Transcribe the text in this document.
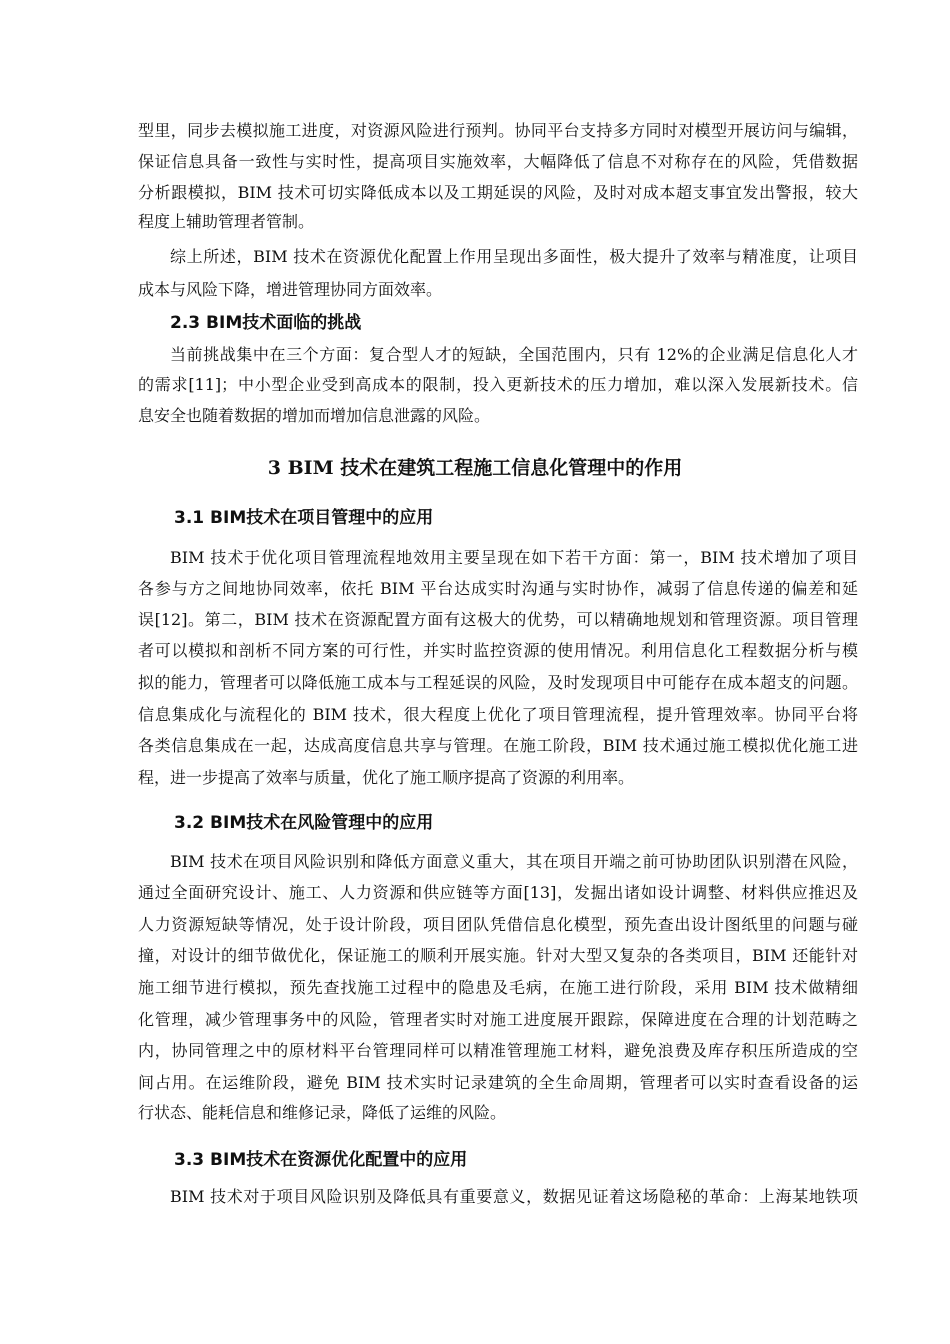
型里，同步去模拟施工进度，对资源风险进行预判。协同平台支持多方同时对模型开展访问与编辑，
保证信息具备一致性与实时性，提高项目实施效率，大幅降低了信息不对称存在的风险，凭借数据
分析跟模拟，BIM 技术可切实降低成本以及工期延误的风险，及时对成本超支事宜发出警报，较大
程度上辅助管理者管制。
综上所述，BIM 技术在资源优化配置上作用呈现出多面性，极大提升了效率与精准度，让项目
成本与风险下降，增进管理协同方面效率。
2.3 BIM技术面临的挑战
当前挑战集中在三个方面：复合型人才的短缺，全国范围内，只有 12%的企业满足信息化人才
的需求[11]；中小型企业受到高成本的限制，投入更新技术的压力增加，难以深入发展新技术。信
息安全也随着数据的增加而增加信息泄露的风险。
3 BIM 技术在建筑工程施工信息化管理中的作用
3.1 BIM技术在项目管理中的应用
BIM 技术于优化项目管理流程地效用主要呈现在如下若干方面：第一，BIM 技术增加了项目
各参与方之间地协同效率，依托 BIM 平台达成实时沟通与实时协作，减弱了信息传递的偏差和延
误[12]。第二，BIM 技术在资源配置方面有这极大的优势，可以精确地规划和管理资源。项目管理
者可以模拟和剖析不同方案的可行性，并实时监控资源的使用情况。利用信息化工程数据分析与模
拟的能力，管理者可以降低施工成本与工程延误的风险，及时发现项目中可能存在成本超支的问题。
信息集成化与流程化的 BIM 技术，很大程度上优化了项目管理流程，提升管理效率。协同平台将
各类信息集成在一起，达成高度信息共享与管理。在施工阶段，BIM 技术通过施工模拟优化施工进
程，进一步提高了效率与质量，优化了施工顺序提高了资源的利用率。
3.2 BIM技术在风险管理中的应用
BIM 技术在项目风险识别和降低方面意义重大，其在项目开端之前可协助团队识别潜在风险，
通过全面研究设计、施工、人力资源和供应链等方面[13]，发掘出诸如设计调整、材料供应推迟及
人力资源短缺等情况，处于设计阶段，项目团队凭借信息化模型，预先查出设计图纸里的问题与碰
撞，对设计的细节做优化，保证施工的顺利开展实施。针对大型又复杂的各类项目，BIM 还能针对
施工细节进行模拟，预先查找施工过程中的隐患及毛病，在施工进行阶段，采用 BIM 技术做精细
化管理，减少管理事务中的风险，管理者实时对施工进度展开跟踪，保障进度在合理的计划范畴之
内，协同管理之中的原材料平台管理同样可以精准管理施工材料，避免浪费及库存积压所造成的空
间占用。在运维阶段，避免 BIM 技术实时记录建筑的全生命周期，管理者可以实时查看设备的运
行状态、能耗信息和维修记录，降低了运维的风险。
3.3 BIM技术在资源优化配置中的应用
BIM 技术对于项目风险识别及降低具有重要意义，数据见证着这场隐秘的革命：上海某地铁项
